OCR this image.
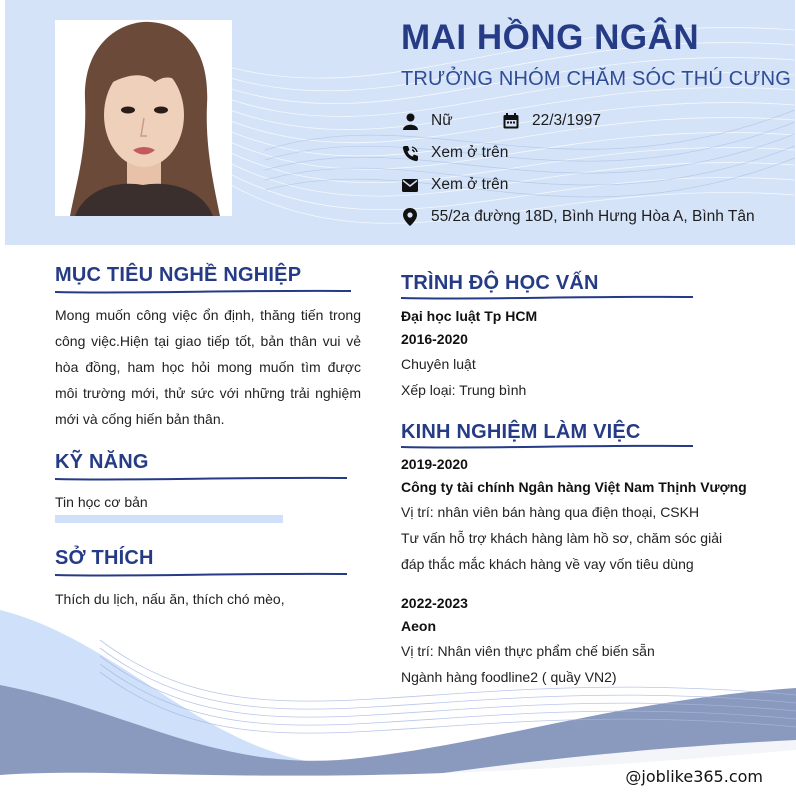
MAI HỒNG NGÂN
TRƯỞNG NHÓM CHĂM SÓC THÚ CƯNG
Nữ	22/3/1997
Xem ở trên
Xem ở trên
55/2a đường 18D, Bình Hưng Hòa A, Bình Tân
MỤC TIÊU NGHỀ NGHIỆP
Mong muốn công việc ổn định, thăng tiến trong công việc.Hiện tại giao tiếp tốt, bản thân vui vẻ hòa đồng, ham học hỏi mong muốn tìm được môi trường mới, thử sức với những trải nghiệm mới và cống hiến bản thân.
KỸ NĂNG
Tin học cơ bản
SỞ THÍCH
Thích du lịch, nấu ăn, thích chó mèo,
TRÌNH ĐỘ HỌC VẤN
Đại học luật Tp HCM
2016-2020
Chuyên luật
Xếp loại: Trung bình
KINH NGHIỆM LÀM VIỆC
2019-2020
Công ty tài chính Ngân hàng Việt Nam Thịnh Vượng
Vị trí: nhân viên bán hàng qua điện thoại, CSKH
Tư vấn hỗ trợ khách hàng làm hồ sơ, chăm sóc giải
đáp thắc mắc khách hàng về vay vốn tiêu dùng
2022-2023
Aeon
Vị trí: Nhân viên thực phẩm chế biến sẵn
Ngành hàng foodline2 ( quầy VN2)
@joblike365.com
